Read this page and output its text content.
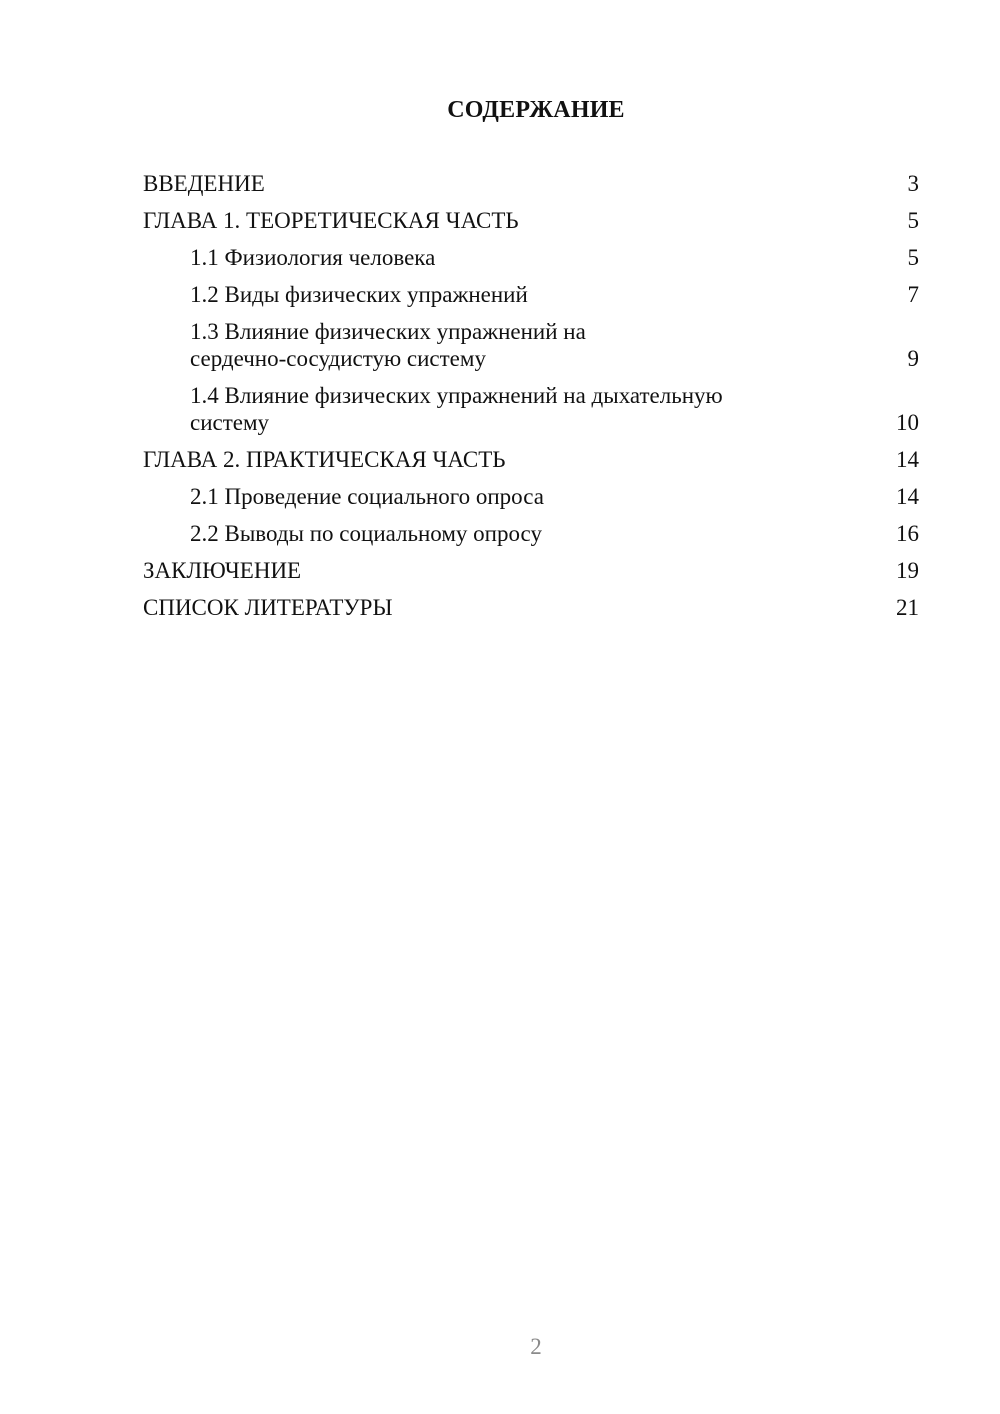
СОДЕРЖАНИЕ
ВВЕДЕНИЕ	3
ГЛАВА 1. ТЕОРЕТИЧЕСКАЯ ЧАСТЬ	5
1.1 Физиология человека	5
1.2 Виды физических упражнений	7
1.3 Влияние физических упражнений на
сердечно-сосудистую систему	9
1.4 Влияние физических упражнений на дыхательную
систему	10
ГЛАВА 2. ПРАКТИЧЕСКАЯ ЧАСТЬ	14
2.1 Проведение социального опроса	14
2.2 Выводы по социальному опросу	16
ЗАКЛЮЧЕНИЕ	19
СПИСОК ЛИТЕРАТУРЫ	21
2
